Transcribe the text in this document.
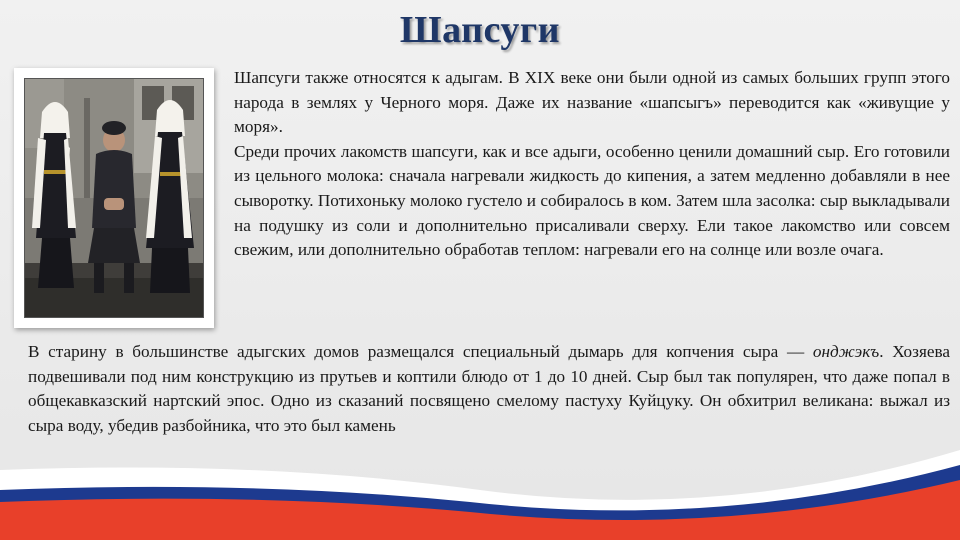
Шапсуги

Шапсуги также относятся к адыгам. В XIX веке они были одной из самых больших групп этого народа в землях у Черного моря. Даже их название «шапсыгъ» переводится как «живущие у моря».

Среди прочих лакомств шапсуги, как и все адыги, особенно ценили домашний сыр. Его готовили из цельного молока: сначала нагревали жидкость до кипения, а затем медленно добавляли в нее сыворотку. Потихоньку молоко густело и собиралось в ком. Затем шла засолка: сыр выкладывали на подушку из соли и дополнительно присаливали сверху. Ели такое лакомство или совсем свежим, или дополнительно обработав теплом: нагревали его на солнце или возле очага.

В старину в большинстве адыгских домов размещался специальный дымарь для копчения сыра — онджэкъ. Хозяева подвешивали под ним конструкцию из прутьев и коптили блюдо от 1 до 10 дней. Сыр был так популярен, что даже попал в общекавказский нартский эпос. Одно из сказаний посвящено смелому пастуху Куйцуку. Он обхитрил великана: выжал из сыра воду, убедив разбойника, что это был камень
